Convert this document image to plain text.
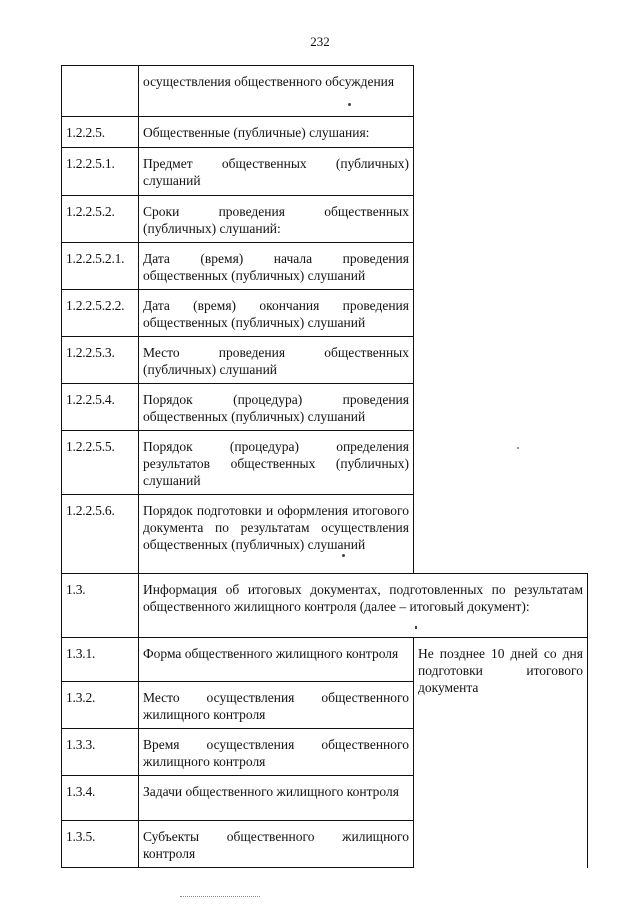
232
	осуществления общественного обсуждения	
1.2.2.5.	Общественные (публичные) слушания:	
1.2.2.5.1.	Предмет общественных (публичных) слушаний	
1.2.2.5.2.	Сроки проведения общественных (публичных) слушаний:	
1.2.2.5.2.1.	Дата (время) начала проведения общественных (публичных) слушаний	
1.2.2.5.2.2.	Дата (время) окончания проведения общественных (публичных) слушаний	
1.2.2.5.3.	Место проведения общественных (публичных) слушаний	
1.2.2.5.4.	Порядок (процедура) проведения общественных (публичных) слушаний	
1.2.2.5.5.	Порядок (процедура) определения результатов общественных (публичных) слушаний	
1.2.2.5.6.	Порядок подготовки и оформления итогового документа по результатам осуществления общественных (публичных) слушаний	
1.3.	Информация об итоговых документах, подготовленных по результатам общественного жилищного контроля (далее – итоговый документ):	
1.3.1.	Форма общественного жилищного контроля	Не позднее 10 дней со дня подготовки итогового документа
1.3.2.	Место осуществления общественного жилищного контроля	
1.3.3.	Время осуществления общественного жилищного контроля	
1.3.4.	Задачи общественного жилищного контроля	
1.3.5.	Субъекты общественного жилищного контроля	
